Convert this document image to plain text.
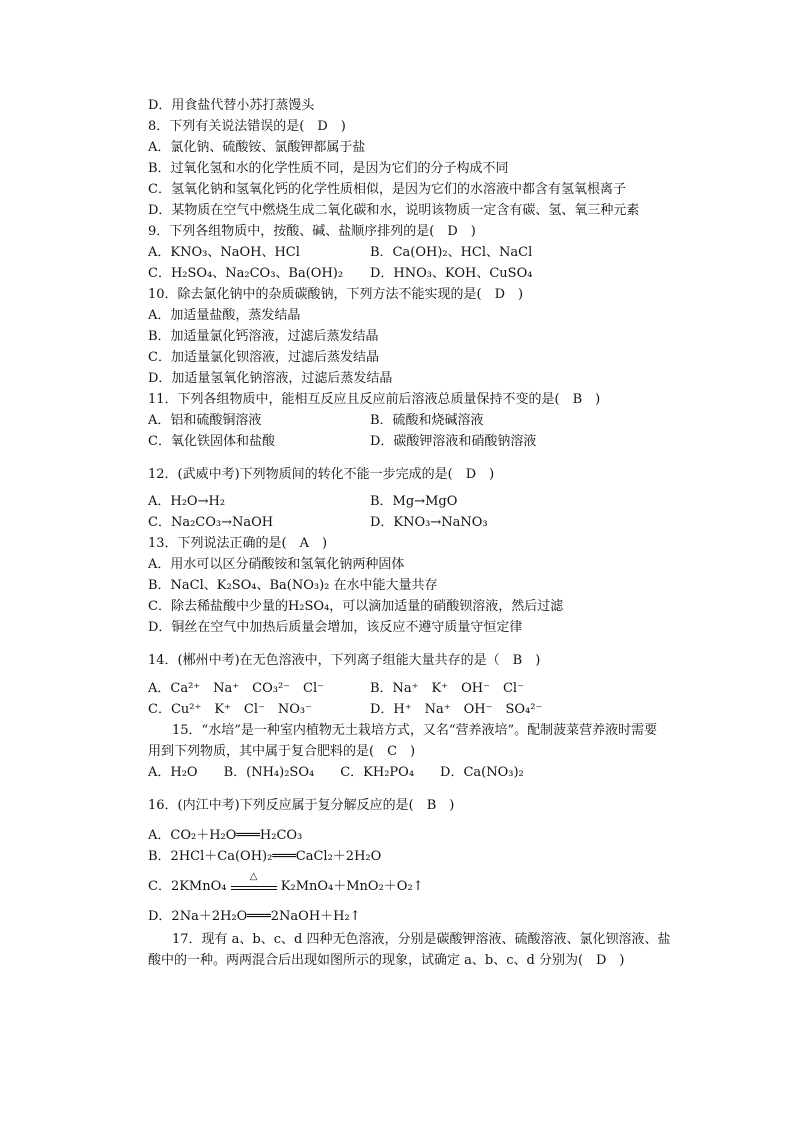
D．用食盐代替小苏打蒸馒头
8．下列有关说法错误的是(　D　)
A．氯化钠、硫酸铵、氯酸钾都属于盐
B．过氧化氢和水的化学性质不同，是因为它们的分子构成不同
C．氢氧化钠和氢氧化钙的化学性质相似，是因为它们的水溶液中都含有氢氧根离子
D．某物质在空气中燃烧生成二氧化碳和水，说明该物质一定含有碳、氢、氧三种元素
9．下列各组物质中，按酸、碱、盐顺序排列的是(　D　)
A．KNO₃、NaOH、HCl	B．Ca(OH)₂、HCl、NaCl
C．H₂SO₄、Na₂CO₃、Ba(OH)₂ D．HNO₃、KOH、CuSO₄
10．除去氯化钠中的杂质碳酸钠，下列方法不能实现的是(　D　)
A．加适量盐酸，蒸发结晶
B．加适量氯化钙溶液，过滤后蒸发结晶
C．加适量氯化钡溶液，过滤后蒸发结晶
D．加适量氢氧化钠溶液，过滤后蒸发结晶
11．下列各组物质中，能相互反应且反应前后溶液总质量保持不变的是(　B　)
A．铝和硫酸铜溶液	B．硫酸和烧碱溶液
C．氧化铁固体和盐酸	D．碳酸钾溶液和硝酸钠溶液
12．(武威中考)下列物质间的转化不能一步完成的是(　D　)
A．H₂O→H₂	B．Mg→MgO
C．Na₂CO₃→NaOH	D．KNO₃→NaNO₃
13．下列说法正确的是(　A　)
A．用水可以区分硝酸铵和氢氧化钠两种固体
B．NaCl、K₂SO₄、Ba(NO₃)₂ 在水中能大量共存
C．除去稀盐酸中少量的H₂SO₄，可以滴加适量的硝酸钡溶液，然后过滤
D．铜丝在空气中加热后质量会增加，该反应不遵守质量守恒定律
14．(郴州中考)在无色溶液中，下列离子组能大量共存的是（　B　)
A．Ca²⁺　Na⁺　CO₃²⁻　Cl⁻	B．Na⁺　K⁺　OH⁻　Cl⁻
C．Cu²⁺　K⁺　Cl⁻　NO₃⁻	D．H⁺　Na⁺　OH⁻　SO₄²⁻
15．“水培”是一种室内植物无土栽培方式，又名“营养液培”。配制菠菜营养液时需要
用到下列物质，其中属于复合肥料的是(　C　)
A．H₂O　　B．(NH₄)₂SO₄　　C．KH₂PO₄　　D．Ca(NO₃)₂
16．(内江中考)下列反应属于复分解反应的是(　B　)
A．CO₂＋H₂O═══H₂CO₃
B．2HCl＋Ca(OH)₂═══CaCl₂＋2H₂O
C．2KMnO₄
△
K₂MnO₄＋MnO₂＋O₂↑
D．2Na＋2H₂O═══2NaOH＋H₂↑
17．现有 a、b、c、d 四种无色溶液，分别是碳酸钾溶液、硫酸溶液、氯化钡溶液、盐
酸中的一种。两两混合后出现如图所示的现象，试确定 a、b、c、d 分别为(　D　)
